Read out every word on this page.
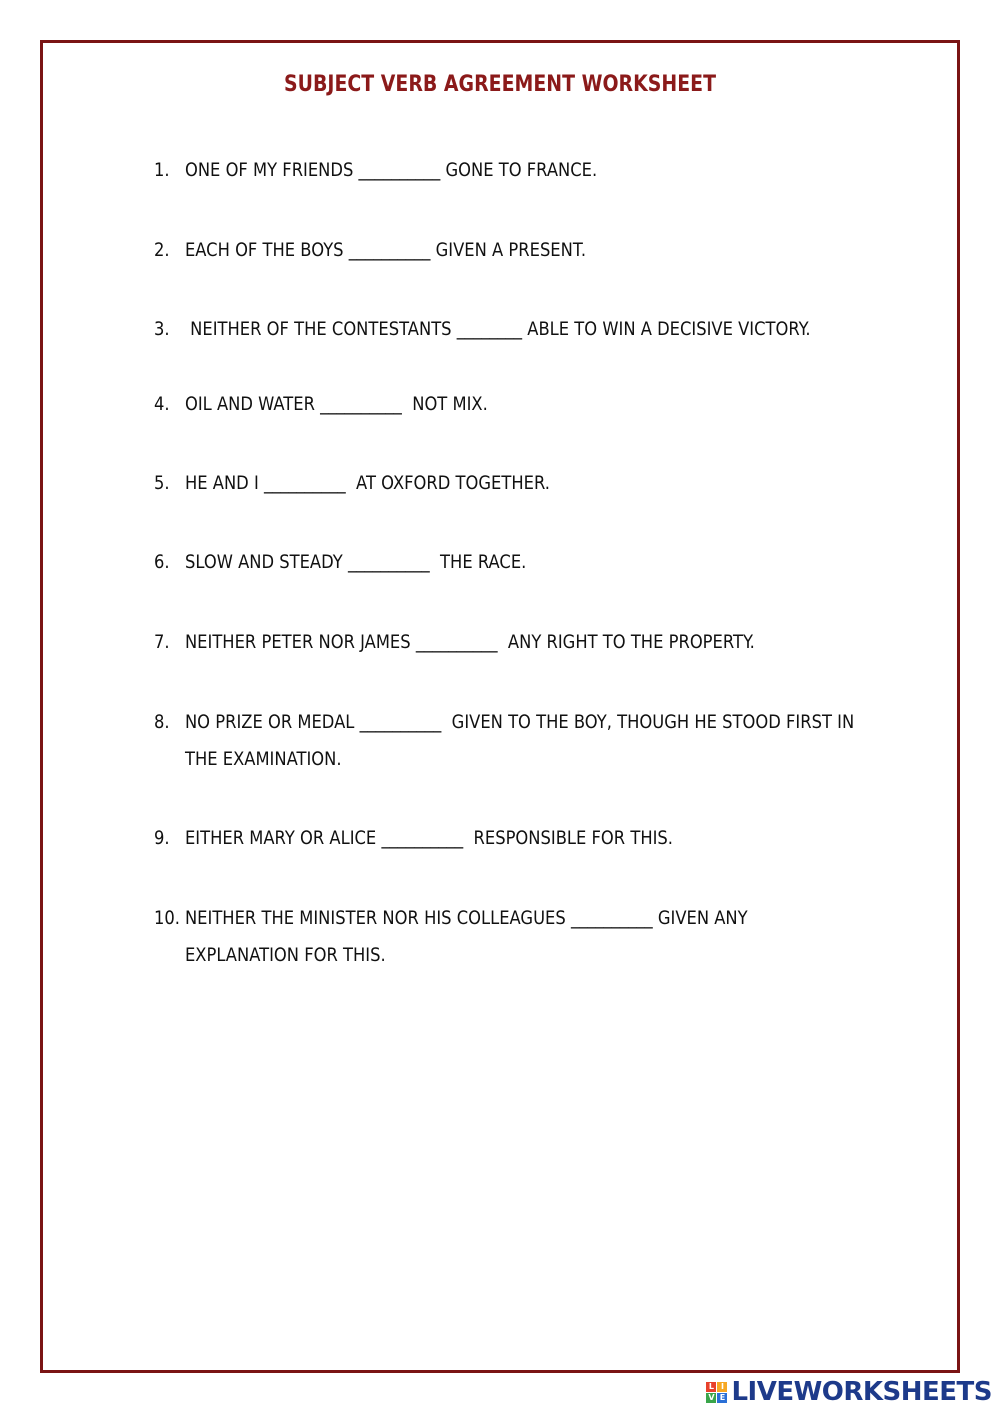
SUBJECT VERB AGREEMENT WORKSHEET
1. ONE OF MY FRIENDS __________ GONE TO FRANCE.
2. EACH OF THE BOYS __________ GIVEN A PRESENT.
3. NEITHER OF THE CONTESTANTS ________ ABLE TO WIN A DECISIVE VICTORY.
4. OIL AND WATER __________  NOT MIX.
5. HE AND I __________  AT OXFORD TOGETHER.
6. SLOW AND STEADY __________  THE RACE.
7. NEITHER PETER NOR JAMES __________  ANY RIGHT TO THE PROPERTY.
8. NO PRIZE OR MEDAL __________  GIVEN TO THE BOY, THOUGH HE STOOD FIRST IN THE EXAMINATION.
9. EITHER MARY OR ALICE __________  RESPONSIBLE FOR THIS.
10. NEITHER THE MINISTER NOR HIS COLLEAGUES __________ GIVEN ANY EXPLANATION FOR THIS.
L I
V E LIVEWORKSHEETS
